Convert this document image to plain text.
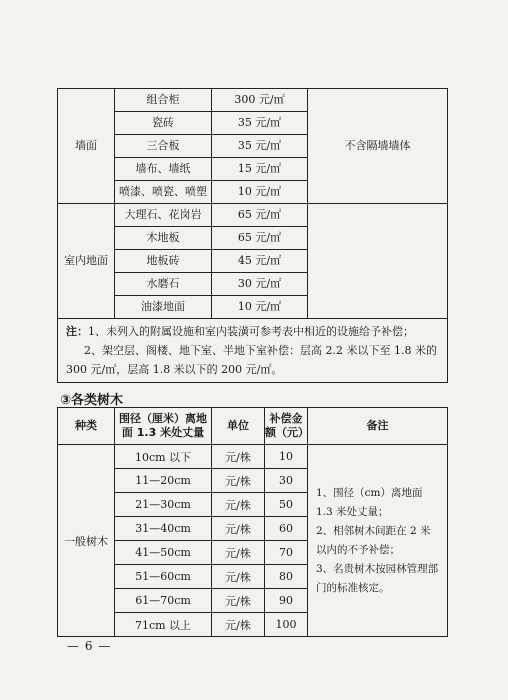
墙面	组合柜	300 元/㎡	不含隔墙墙体
	瓷砖	35 元/㎡	
	三合板	35 元/㎡	
	墙布、墙纸	15 元/㎡	
	喷漆、喷瓷、喷塑	10 元/㎡	
室内地面	大理石、花岗岩	65 元/㎡	
	木地板	65 元/㎡	
	地板砖	45 元/㎡	
	水磨石	30 元/㎡	
	油漆地面	10 元/㎡	

注：1、未列入的附属设施和室内装潢可参考表中相近的设施给予补偿；
2、架空层、阁楼、地下室、半地下室补偿：层高 2.2 米以下至 1.8 米的
300 元/㎡，层高 1.8 米以下的 200 元/㎡。			
③各类树木
种类	围径（厘米）离地面 1.3 米处丈量	单位	补偿金额（元）	备注
一般树木	10cm 以下	元/株	10	1、围径（cm）离地面 1.3 米处丈量；
2、相邻树木间距在 2 米以内的不予补偿；
3、名贵树木按园林管理部门的标准核定。

	11—20cm	元/株	30	
	21—30cm	元/株	50	
	31—40cm	元/株	60	
	41—50cm	元/株	70	
	51—60cm	元/株	80	
	61—70cm	元/株	90	
	71cm 以上	元/株	100	
— 6 —
